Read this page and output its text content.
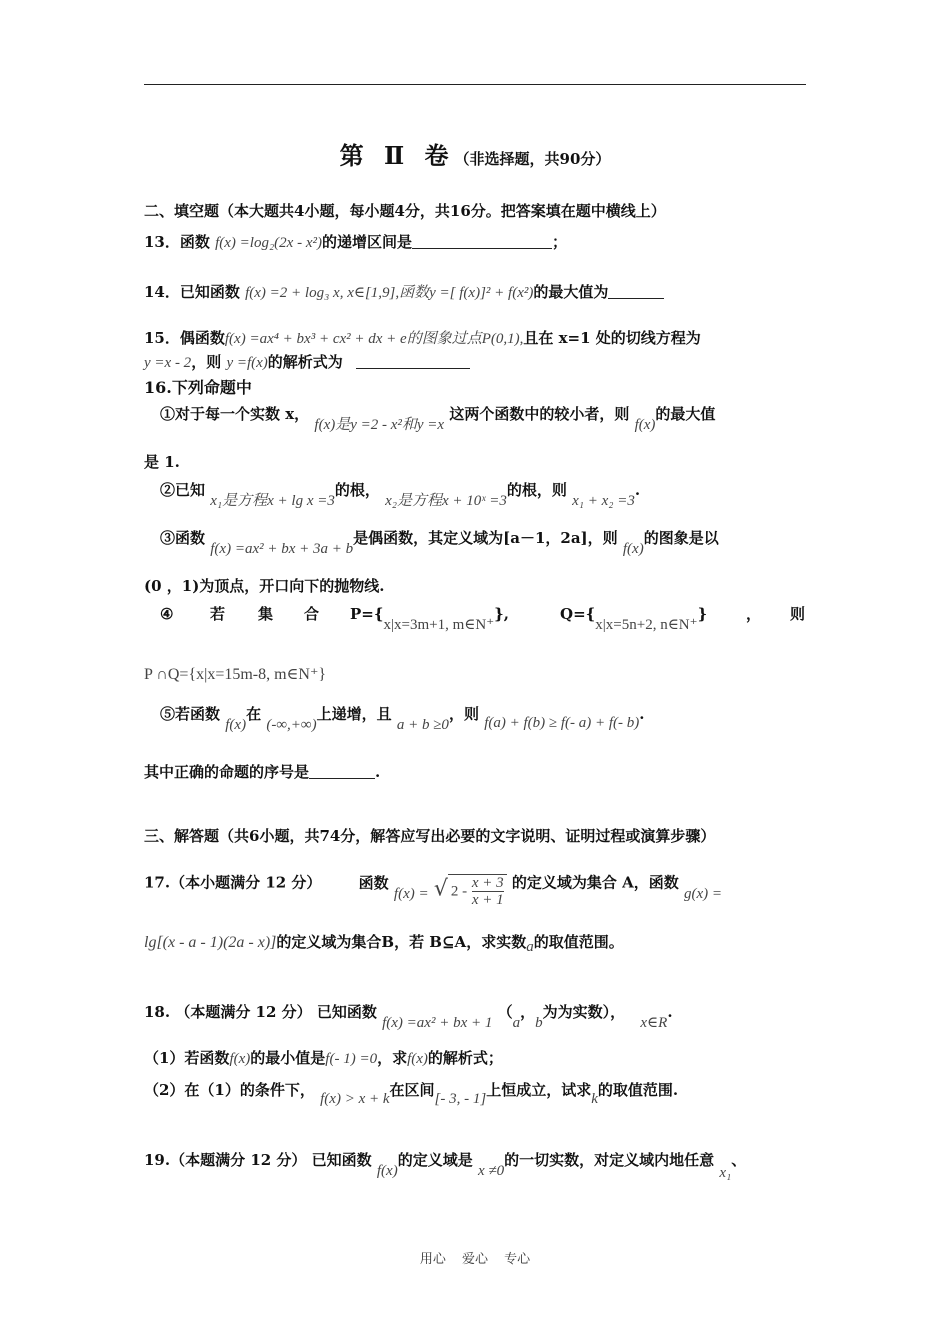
第 Ⅱ 卷（非选择题，共90分）
二、填空题（本大题共4小题，每小题4分，共16分。把答案填在题中横线上）
13．函数 f(x) =log₂(2x - x²)的递增区间是	；
14．已知函数 f(x) =2 + log₃ x, x∈[1,9],函数y =[ f(x)]² + f(x²)的最大值为
15．偶函数f(x) =ax⁴ + bx³ + cx² + dx + e的图象过点P(0,1),且在 x=1 处的切线方程为
y =x - 2，则 y =f(x)的解析式为
16.下列命题中
①对于每一个实数 x， f(x)是y =2 - x²和y =x 这两个函数中的较小者，则 f(x)的最大值
是 1.
②已知 x₁是方程x + lg x =3的根， x₂是方程x + 10ˣ =3的根，则 x₁ + x₂ =3.
③函数 f(x) =ax² + bx + 3a + b是偶函数，其定义域为[a－1，2a]，则 f(x)的图象是以
(0 ，1)为顶点，开口向下的抛物线.
④ 若 集 合 P={x|x=3m+1, m∈N⁺},	Q={x|x=5n+2, n∈N⁺}	， 则
P ∩Q={x|x=15m-8, m∈N⁺}
⑤若函数 f(x)在 (-∞,+∞)上递增，且 a + b ≥0，则 f(a) + f(b) ≥ f(- a) + f(- b).
其中正确的命题的序号是	.
三、解答题（共6小题，共74分，解答应写出必要的文字说明、证明过程或演算步骤）
17.（本小题满分 12 分） 函数 f(x) = √ $2 - \frac{x + 3}{x + 1}$ 的定义域为集合 A，函数 g(x) =
lg[(x - a - 1)(2a - x)]的定义域为集合B，若 B⊆A，求实数a的取值范围。
18. （本题满分 12 分） 已知函数 f(x) =ax² + bx + 1 （a，b为为实数）， x∈R.
（1）若函数f(x)的最小值是f(- 1) =0，求f(x)的解析式；
（2）在（1）的条件下， f(x) > x + k在区间[- 3, - 1]上恒成立，试求k的取值范围.
19.（本题满分 12 分） 已知函数 f(x)的定义域是 x ≠0的一切实数，对定义域内地任意 x₁、
用心 爱心 专心
